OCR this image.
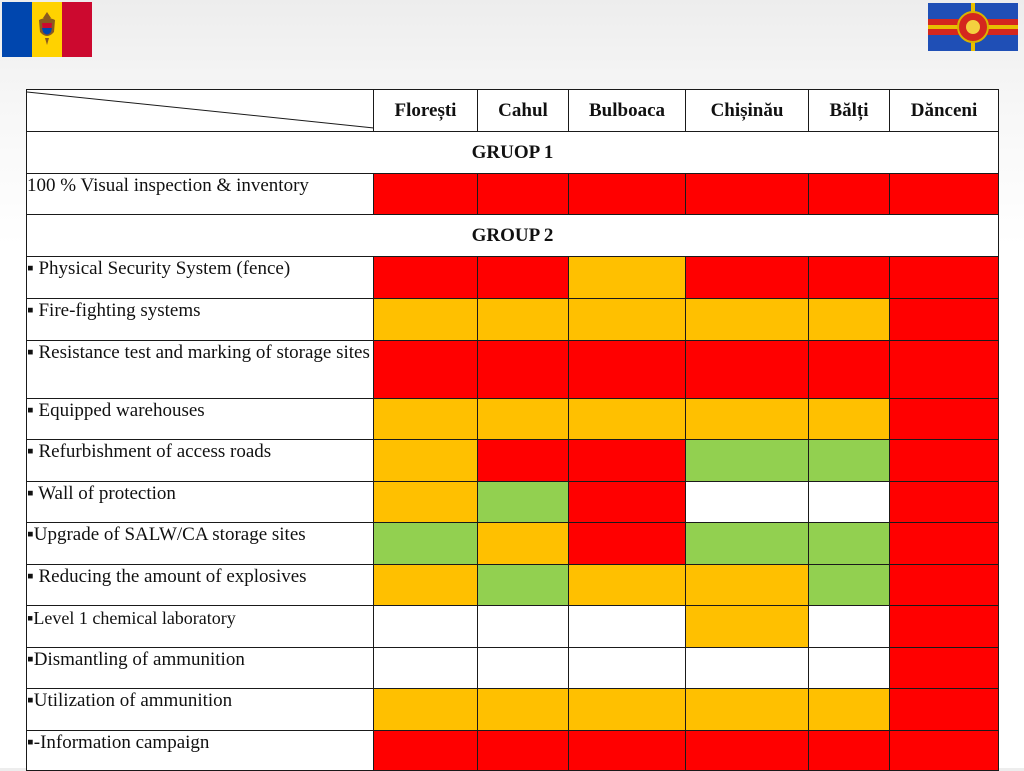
	Florești	Cahul	Bulboaca	Chișinău	Bălți	Dănceni
GRUOP 1						
100 % Visual inspection & inventory						
GROUP 2						
▪ Physical Security System (fence)						
▪ Fire-fighting systems						
▪ Resistance test and marking of storage sites						
▪ Equipped warehouses						
▪ Refurbishment of access roads						
▪ Wall of protection						
▪Upgrade of SALW/CA storage sites						
▪ Reducing the amount of explosives						
▪Level 1 chemical laboratory						
▪Dismantling of ammunition						
▪Utilization of ammunition						
▪-Information campaign						
